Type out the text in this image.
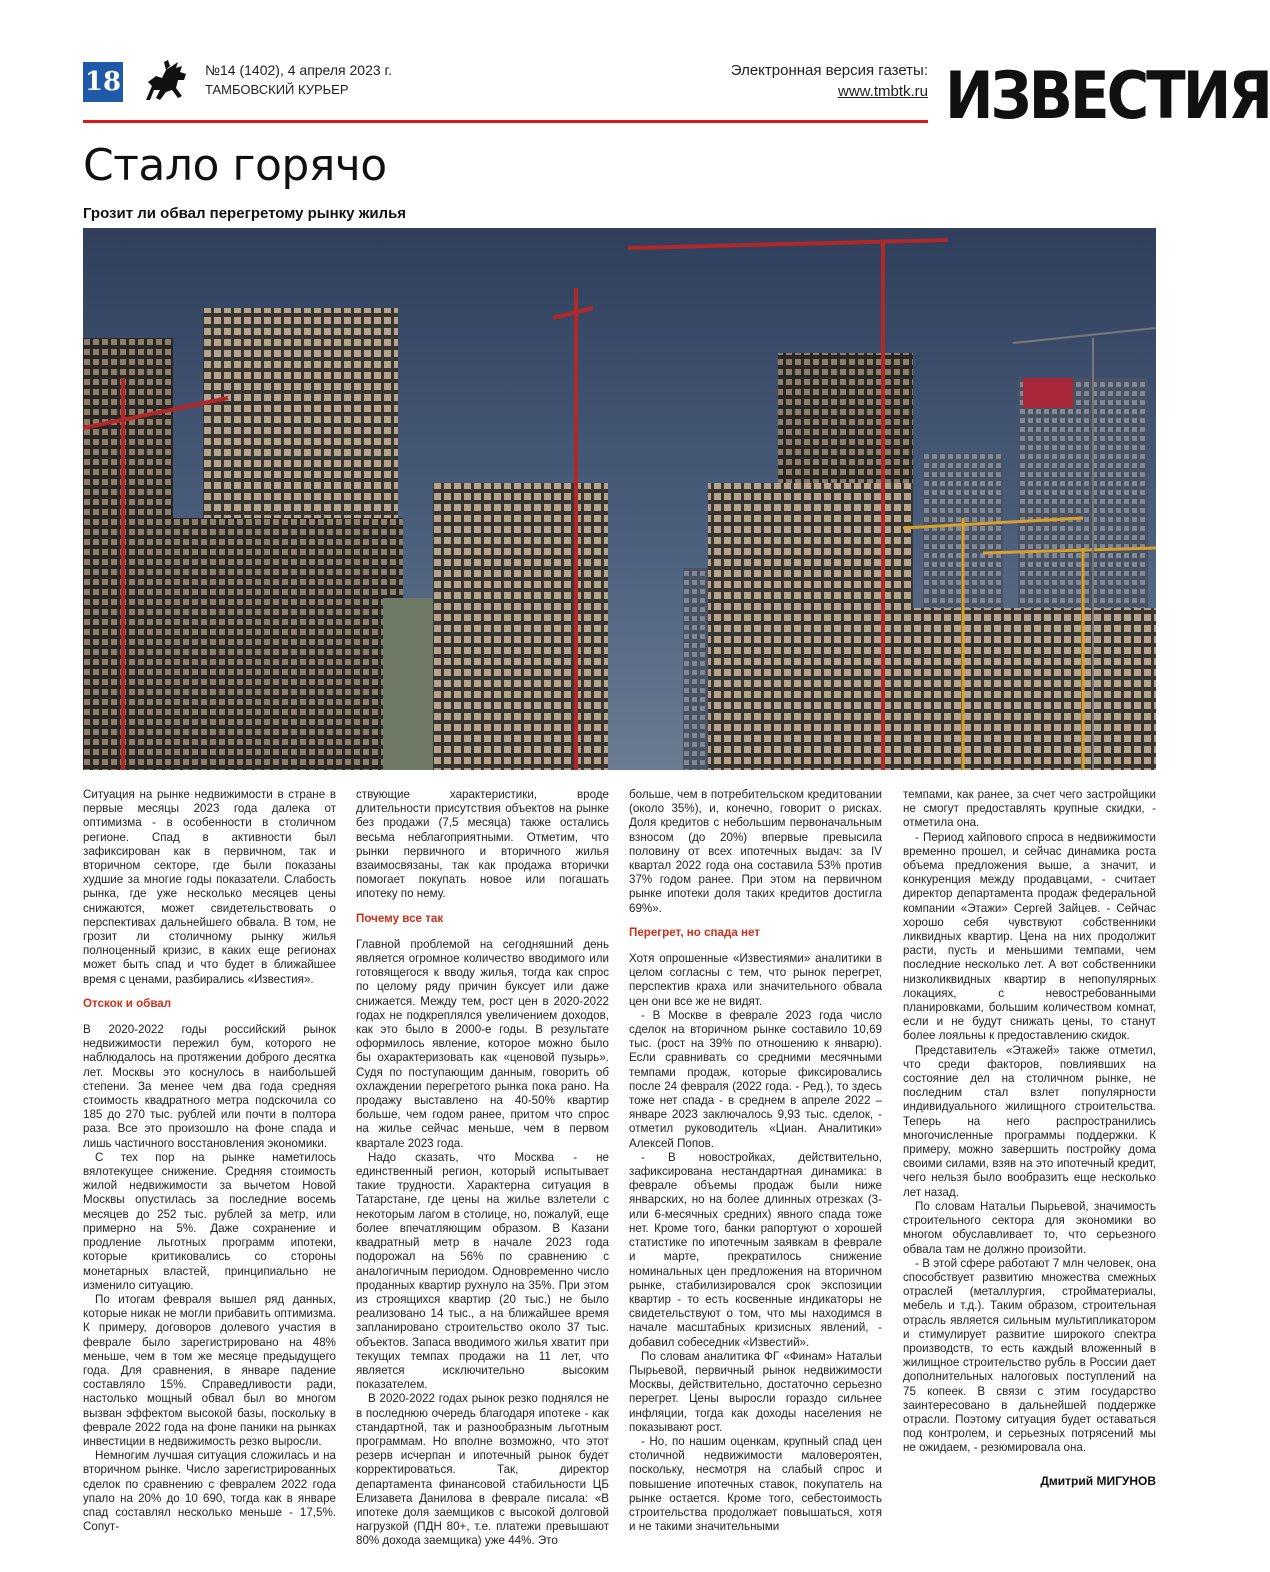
18	№14 (1402), 4 апреля 2023 г.
ТАМБОВСКИЙ КУРЬЕР
Электронная версия газеты:
www.tmbtk.ru ИЗВЕСТИЯ
Стало горячо
Грозит ли обвал перегретому рынку жилья

Ситуация на рынке недвижимости в стране в первые месяцы 2023 года далека от оптимизма - в особенности в столичном регионе. Спад в активности был зафиксирован как в первичном, так и вторичном секторе, где были показаны худшие за многие годы показатели. Слабость рынка, где уже несколько месяцев цены снижаются, может свидетельствовать о перспективах дальнейшего обвала. В том, не грозит ли столичному рынку жилья полноценный кризис, в каких еще регионах может быть спад и что будет в ближайшее время с ценами, разбирались «Известия».

Отскок и обвал

В 2020-2022 годы российский рынок недвижимости пережил бум, которого не наблюдалось на протяжении доброго десятка лет. Москвы это коснулось в наибольшей степени. За менее чем два года средняя стоимость квадратного метра подскочила со 185 до 270 тыс. рублей или почти в полтора раза. Все это произошло на фоне спада и лишь частичного восстановления экономики.

С тех пор на рынке наметилось вялотекущее снижение. Средняя стоимость жилой недвижимости за вычетом Новой Москвы опустилась за последние восемь месяцев до 252 тыс. рублей за метр, или примерно на 5%. Даже сохранение и продление льготных программ ипотеки, которые критиковались со стороны монетарных властей, принципиально не изменило ситуацию.

По итогам февраля вышел ряд данных, которые никак не могли прибавить оптимизма. К примеру, договоров долевого участия в феврале было зарегистрировано на 48% меньше, чем в том же месяце предыдущего года. Для сравнения, в январе падение составляло 15%. Справедливости ради, настолько мощный обвал был во многом вызван эффектом высокой базы, поскольку в феврале 2022 года на фоне паники на рынках инвестиции в недвижимость резко выросли.

Немногим лучшая ситуация сложилась и на вторичном рынке. Число зарегистрированных сделок по сравнению с февралем 2022 года упало на 20% до 10 690, тогда как в январе спад составлял несколько меньше - 17,5%. Сопут-

ствующие характеристики, вроде длительности присутствия объектов на рынке без продажи (7,5 месяца) также остались весьма неблагоприятными. Отметим, что рынки первичного и вторичного жилья взаимосвязаны, так как продажа вторички помогает покупать новое или погашать ипотеку по нему.

Почему все так

Главной проблемой на сегодняшний день является огромное количество вводимого или готовящегося к вводу жилья, тогда как спрос по целому ряду причин буксует или даже снижается. Между тем, рост цен в 2020-2022 годах не подкреплялся увеличением доходов, как это было в 2000-е годы. В результате оформилось явление, которое можно было бы охарактеризовать как «ценовой пузырь». Судя по поступающим данным, говорить об охлаждении перегретого рынка пока рано. На продажу выставлено на 40-50% квартир больше, чем годом ранее, притом что спрос на жилье сейчас меньше, чем в первом квартале 2023 года.

Надо сказать, что Москва - не единственный регион, который испытывает такие трудности. Характерна ситуация в Татарстане, где цены на жилье взлетели с некоторым лагом в столице, но, пожалуй, еще более впечатляющим образом. В Казани квадратный метр в начале 2023 года подорожал на 56% по сравнению с аналогичным периодом. Одновременно число проданных квартир рухнуло на 35%. При этом из строящихся квартир (20 тыс.) не было реализовано 14 тыс., а на ближайшее время запланировано строительство около 37 тыс. объектов. Запаса вводимого жилья хватит при текущих темпах продажи на 11 лет, что является исключительно высоким показателем.

В 2020-2022 годах рынок резко поднялся не в последнюю очередь благодаря ипотеке - как стандартной, так и разнообразным льготным программам. Но вполне возможно, что этот резерв исчерпан и ипотечный рынок будет корректироваться. Так, директор департамента финансовой стабильности ЦБ Елизавета Данилова в феврале писала: «В ипотеке доля заемщиков с высокой долговой нагрузкой (ПДН 80+, т.е. платежи превышают 80% дохода заемщика) уже 44%. Это

больше, чем в потребительском кредитовании (около 35%), и, конечно, говорит о рисках. Доля кредитов с небольшим первоначальным взносом (до 20%) впервые превысила половину от всех ипотечных выдач: за IV квартал 2022 года она составила 53% против 37% годом ранее. При этом на первичном рынке ипотеки доля таких кредитов достигла 69%».

Перегрет, но спада нет

Хотя опрошенные «Известиями» аналитики в целом согласны с тем, что рынок перегрет, перспектив краха или значительного обвала цен они все же не видят.

- В Москве в феврале 2023 года число сделок на вторичном рынке составило 10,69 тыс. (рост на 39% по отношению к январю). Если сравнивать со средними месячными темпами продаж, которые фиксировались после 24 февраля (2022 года. - Ред.), то здесь тоже нет спада - в среднем в апреле 2022 – январе 2023 заключалось 9,93 тыс. сделок, - отметил руководитель «Циан. Аналитики» Алексей Попов.

- В новостройках, действительно, зафиксирована нестандартная динамика: в феврале объемы продаж были ниже январских, но на более длинных отрезках (3- или 6-месячных средних) явного спада тоже нет. Кроме того, банки рапортуют о хорошей статистике по ипотечным заявкам в феврале и марте, прекратилось снижение номинальных цен предложения на вторичном рынке, стабилизировался срок экспозиции квартир - то есть косвенные индикаторы не свидетельствуют о том, что мы находимся в начале масштабных кризисных явлений, - добавил собеседник «Известий».

По словам аналитика ФГ «Финам» Натальи Пырьевой, первичный рынок недвижимости Москвы, действительно, достаточно серьезно перегрет. Цены выросли гораздо сильнее инфляции, тогда как доходы населения не показывают рост.

- Но, по нашим оценкам, крупный спад цен столичной недвижимости маловероятен, поскольку, несмотря на слабый спрос и повышение ипотечных ставок, покупатель на рынке остается. Кроме того, себестоимость строительства продолжает повышаться, хотя и не такими значительными

темпами, как ранее, за счет чего застройщики не смогут предоставлять крупные скидки, - отметила она.

- Период хайпового спроса в недвижимости временно прошел, и сейчас динамика роста объема предложения выше, а значит, и конкуренция между продавцами, - считает директор департамента продаж федеральной компании «Этажи» Сергей Зайцев. - Сейчас хорошо себя чувствуют собственники ликвидных квартир. Цена на них продолжит расти, пусть и меньшими темпами, чем последние несколько лет. А вот собственники низколиквидных квартир в непопулярных локациях, с невостребованными планировками, большим количеством комнат, если и не будут снижать цены, то станут более лояльны к предоставлению скидок.

Представитель «Этажей» также отметил, что среди факторов, повлиявших на состояние дел на столичном рынке, не последним стал взлет популярности индивидуального жилищного строительства. Теперь на него распространились многочисленные программы поддержки. К примеру, можно завершить постройку дома своими силами, взяв на это ипотечный кредит, чего нельзя было вообразить еще несколько лет назад.

По словам Натальи Пырьевой, значимость строительного сектора для экономики во многом обуславливает то, что серьезного обвала там не должно произойти.

- В этой сфере работают 7 млн человек, она способствует развитию множества смежных отраслей (металлургия, стройматериалы, мебель и т.д.). Таким образом, строительная отрасль является сильным мультипликатором и стимулирует развитие широкого спектра производств, то есть каждый вложенный в жилищное строительство рубль в России дает дополнительных налоговых поступлений на 75 копеек. В связи с этим государство заинтересовано в дальнейшей поддержке отрасли. Поэтому ситуация будет оставаться под контролем, и серьезных потрясений мы не ожидаем, - резюмировала она.

Дмитрий МИГУНОВ
